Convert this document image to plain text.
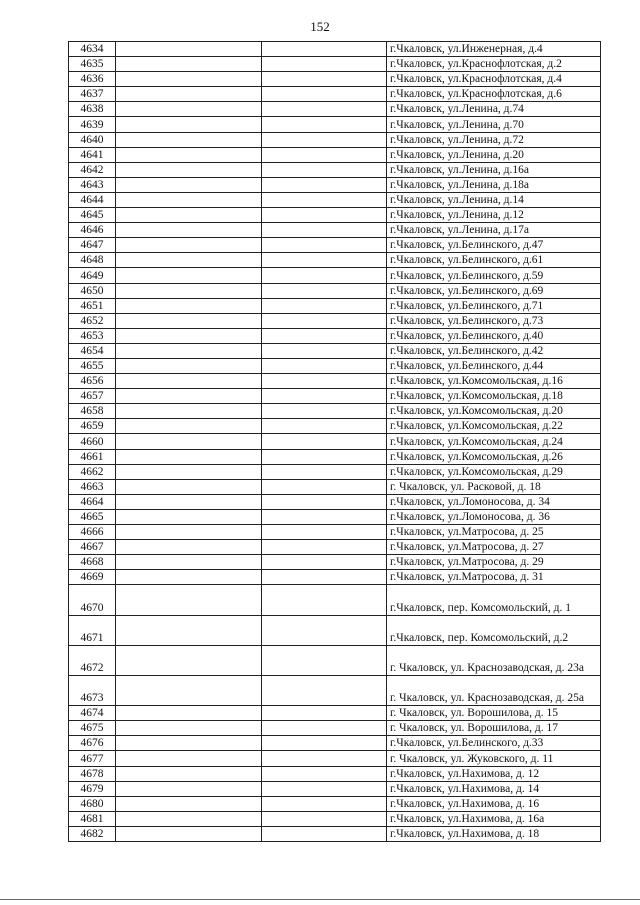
152
4634			г.Чкаловск, ул.Инженерная, д.4
4635			г.Чкаловск, ул.Краснофлотская, д.2
4636			г.Чкаловск, ул.Краснофлотская, д.4
4637			г.Чкаловск, ул.Краснофлотская, д.6
4638			г.Чкаловск, ул.Ленина, д.74
4639			г.Чкаловск, ул.Ленина, д.70
4640			г.Чкаловск, ул.Ленина, д.72
4641			г.Чкаловск, ул.Ленина, д.20
4642			г.Чкаловск, ул.Ленина, д.16а
4643			г.Чкаловск, ул.Ленина, д.18а
4644			г.Чкаловск, ул.Ленина, д.14
4645			г.Чкаловск, ул.Ленина, д.12
4646			г.Чкаловск, ул.Ленина, д.17а
4647			г.Чкаловск, ул.Белинского, д.47
4648			г.Чкаловск, ул.Белинского, д.61
4649			г.Чкаловск, ул.Белинского, д.59
4650			г.Чкаловск, ул.Белинского, д.69
4651			г.Чкаловск, ул.Белинского, д.71
4652			г.Чкаловск, ул.Белинского, д.73
4653			г.Чкаловск, ул.Белинского, д.40
4654			г.Чкаловск, ул.Белинского, д.42
4655			г.Чкаловск, ул.Белинского, д.44
4656			г.Чкаловск, ул.Комсомольская, д.16
4657			г.Чкаловск, ул.Комсомольская, д.18
4658			г.Чкаловск, ул.Комсомольская, д.20
4659			г.Чкаловск, ул.Комсомольская, д.22
4660			г.Чкаловск, ул.Комсомольская, д.24
4661			г.Чкаловск, ул.Комсомольская, д.26
4662			г.Чкаловск, ул.Комсомольская, д.29
4663			г. Чкаловск, ул. Расковой, д. 18
4664			г.Чкаловск, ул.Ломоносова, д. 34
4665			г.Чкаловск, ул.Ломоносова, д. 36
4666			г.Чкаловск, ул.Матросова, д. 25
4667			г.Чкаловск, ул.Матросова, д. 27
4668			г.Чкаловск, ул.Матросова, д. 29
4669			г.Чкаловск, ул.Матросова, д. 31
4670			г.Чкаловск, пер. Комсомольский, д. 1
4671			г.Чкаловск, пер. Комсомольский, д.2
4672			г. Чкаловск, ул. Краснозаводская, д. 23а
4673			г. Чкаловск, ул. Краснозаводская, д. 25а
4674			г. Чкаловск, ул. Ворошилова, д. 15
4675			г. Чкаловск, ул. Ворошилова, д. 17
4676			г.Чкаловск, ул.Белинского, д.33
4677			г. Чкаловск, ул. Жуковского, д. 11
4678			г.Чкаловск, ул.Нахимова, д. 12
4679			г.Чкаловск, ул.Нахимова, д. 14
4680			г.Чкаловск, ул.Нахимова, д. 16
4681			г.Чкаловск, ул.Нахимова, д. 16а
4682			г.Чкаловск, ул.Нахимова, д. 18
